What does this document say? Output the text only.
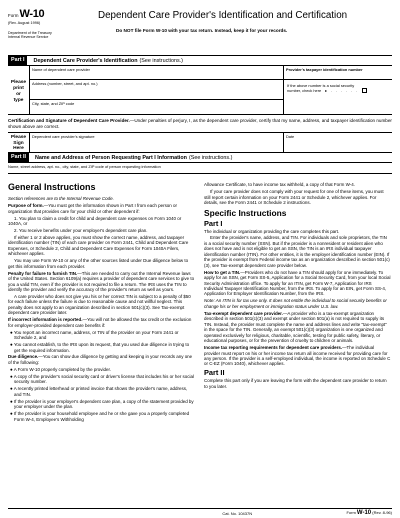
Form W-10
(Rev. August 1996)
Department of the Treasury
Internal Revenue Service
Dependent Care Provider's Identification and Certification
Do NOT file Form W-10 with your tax return. Instead, keep it for your records.
Part I	Dependent Care Provider's Identification (See instructions.)
Please
print
or
type
Name of dependent care provider
Address (number, street, and apt. no.)
City, state, and ZIP code
Provider's taxpayer identification number
If the above number is a social security
number, check here ▸ . . . . . .
Certification and Signature of Dependent Care Provider.—Under penalties of perjury, I, as the dependent care provider, certify that my name, address, and taxpayer identification number shown above are correct.
Please
Sign
Here
Dependent care provider's signature	Date
Part II	Name and Address of Person Requesting Part I Information (See instructions.)
Name, street address, apt. no., city, state, and ZIP code of person requesting information
General Instructions

Section references are to the Internal Revenue Code.

Purpose of form.—You must get the information shown in Part I from each person or organization that provides care for your child or other dependent if:

1. You plan to claim a credit for child and dependent care expenses on Form 1040 or 1040A, or

2. You receive benefits under your employer's dependent care plan.

If either 1 or 2 above applies, you must show the correct name, address, and taxpayer identification number (TIN) of each care provider on Form 2441, Child and Dependent Care Expenses, or Schedule 2, Child and Dependent Care Expenses for Form 1040A Filers, whichever applies.

You may use Form W-10 or any of the other sources listed under Due diligence below to get this information from each provider.

Penalty for failure to furnish TIN.—This are needed to carry out the Internal Revenue laws of the United States. Section 6109(a) requires a provider of dependent care services to give to you a valid TIN, even if the provider is not required to file a return. The IRS uses the TIN to identify the provider and verify the accuracy of the provider's return as well as yours.

A care provider who does not give you his or her correct TIN is subject to a penalty of $50 for each failure unless the failure is due to reasonable cause and not willful neglect. This penalty does not apply to an organization described in section 501(c)(3). See Tax-exempt dependent care provider later.

If incorrect information is reported.—You will not be allowed the tax credit or the exclusion for employer-provided dependent care benefits if:

● You report an incorrect name, address, or TIN of the provider on your Form 2441 or Schedule 2, and

● You cannot establish, to the IRS upon its request, that you used due diligence in trying to get the required information.

Due diligence.—You can show due diligence by getting and keeping in your records any one of the following:

● A Form W-10 properly completed by the provider.

● A copy of the provider's social security card or driver's license that includes his or her social security number.

● A recently printed letterhead or printed invoice that shows the provider's name, address, and TIN.

● If the provider is your employer's dependent care plan, a copy of the statement provided by your employer under the plan.

● If the provider is your household employee and he or she gave you a properly completed Form W-4, Employee's Withholding

Allowance Certificate, to have income tax withheld, a copy of that Form W-4.

If your care provider does not comply with your request for one of these items, you must still report certain information on your Form 2441 or Schedule 2, whichever applies. For details, see the Form 2441 or Schedule 2 instructions.

Specific Instructions
Part I

The individual or organization providing the care completes this part.

Enter the provider's name, address, and TIN. For individuals and sole proprietors, the TIN is a social security number (SSN). But if the provider is a nonresident or resident alien who does not have and is not eligible to get an SSN, the TIN is an IRS individual taxpayer identification number (ITIN). For other entities, it is the employer identification number (EIN). If the provider is exempt from Federal income tax as an organization described in section 501(c)(3), see Tax-exempt dependent care provider below.

How to get a TIN.—Providers who do not have a TIN should apply for one immediately. To apply for an SSN, get Form SS-5, Application for a Social Security Card, from your local Social Security Administration office. To apply for an ITIN, get Form W-7, Application for IRS Individual Taxpayer Identification Number, from the IRS. To apply for an EIN, get Form SS-4, Application for Employer Identification Number, from the IRS.

Note: An ITIN is for tax use only. It does not entitle the individual to social security benefits or change his or her employment or immigration status under U.S. law.

Tax-exempt dependent care provider.—A provider who is a tax-exempt organization described in section 501(c)(3) and exempt under section 501(a) is not required to supply its TIN. Instead, the provider must complete the name and address lines and write "tax-exempt" in the space for the TIN. Generally, an exempt 501(c)(3) organization is one organized and operated exclusively for religious, charitable, scientific, testing for public safety, literary, or educational purposes, or for the prevention of cruelty to children or animals.

Income tax reporting requirements for dependent care providers.—The individual provider must report on his or her income tax return all income received for providing care for any person. If the provider is a self-employed individual, the income is reported on Schedule C or C-EZ (Form 1040), whichever applies.

Part II

Complete this part only if you are leaving the form with the dependent care provider to return to you later.

Cat. No. 10437N	Form W-10 (Rev. 8-96)
